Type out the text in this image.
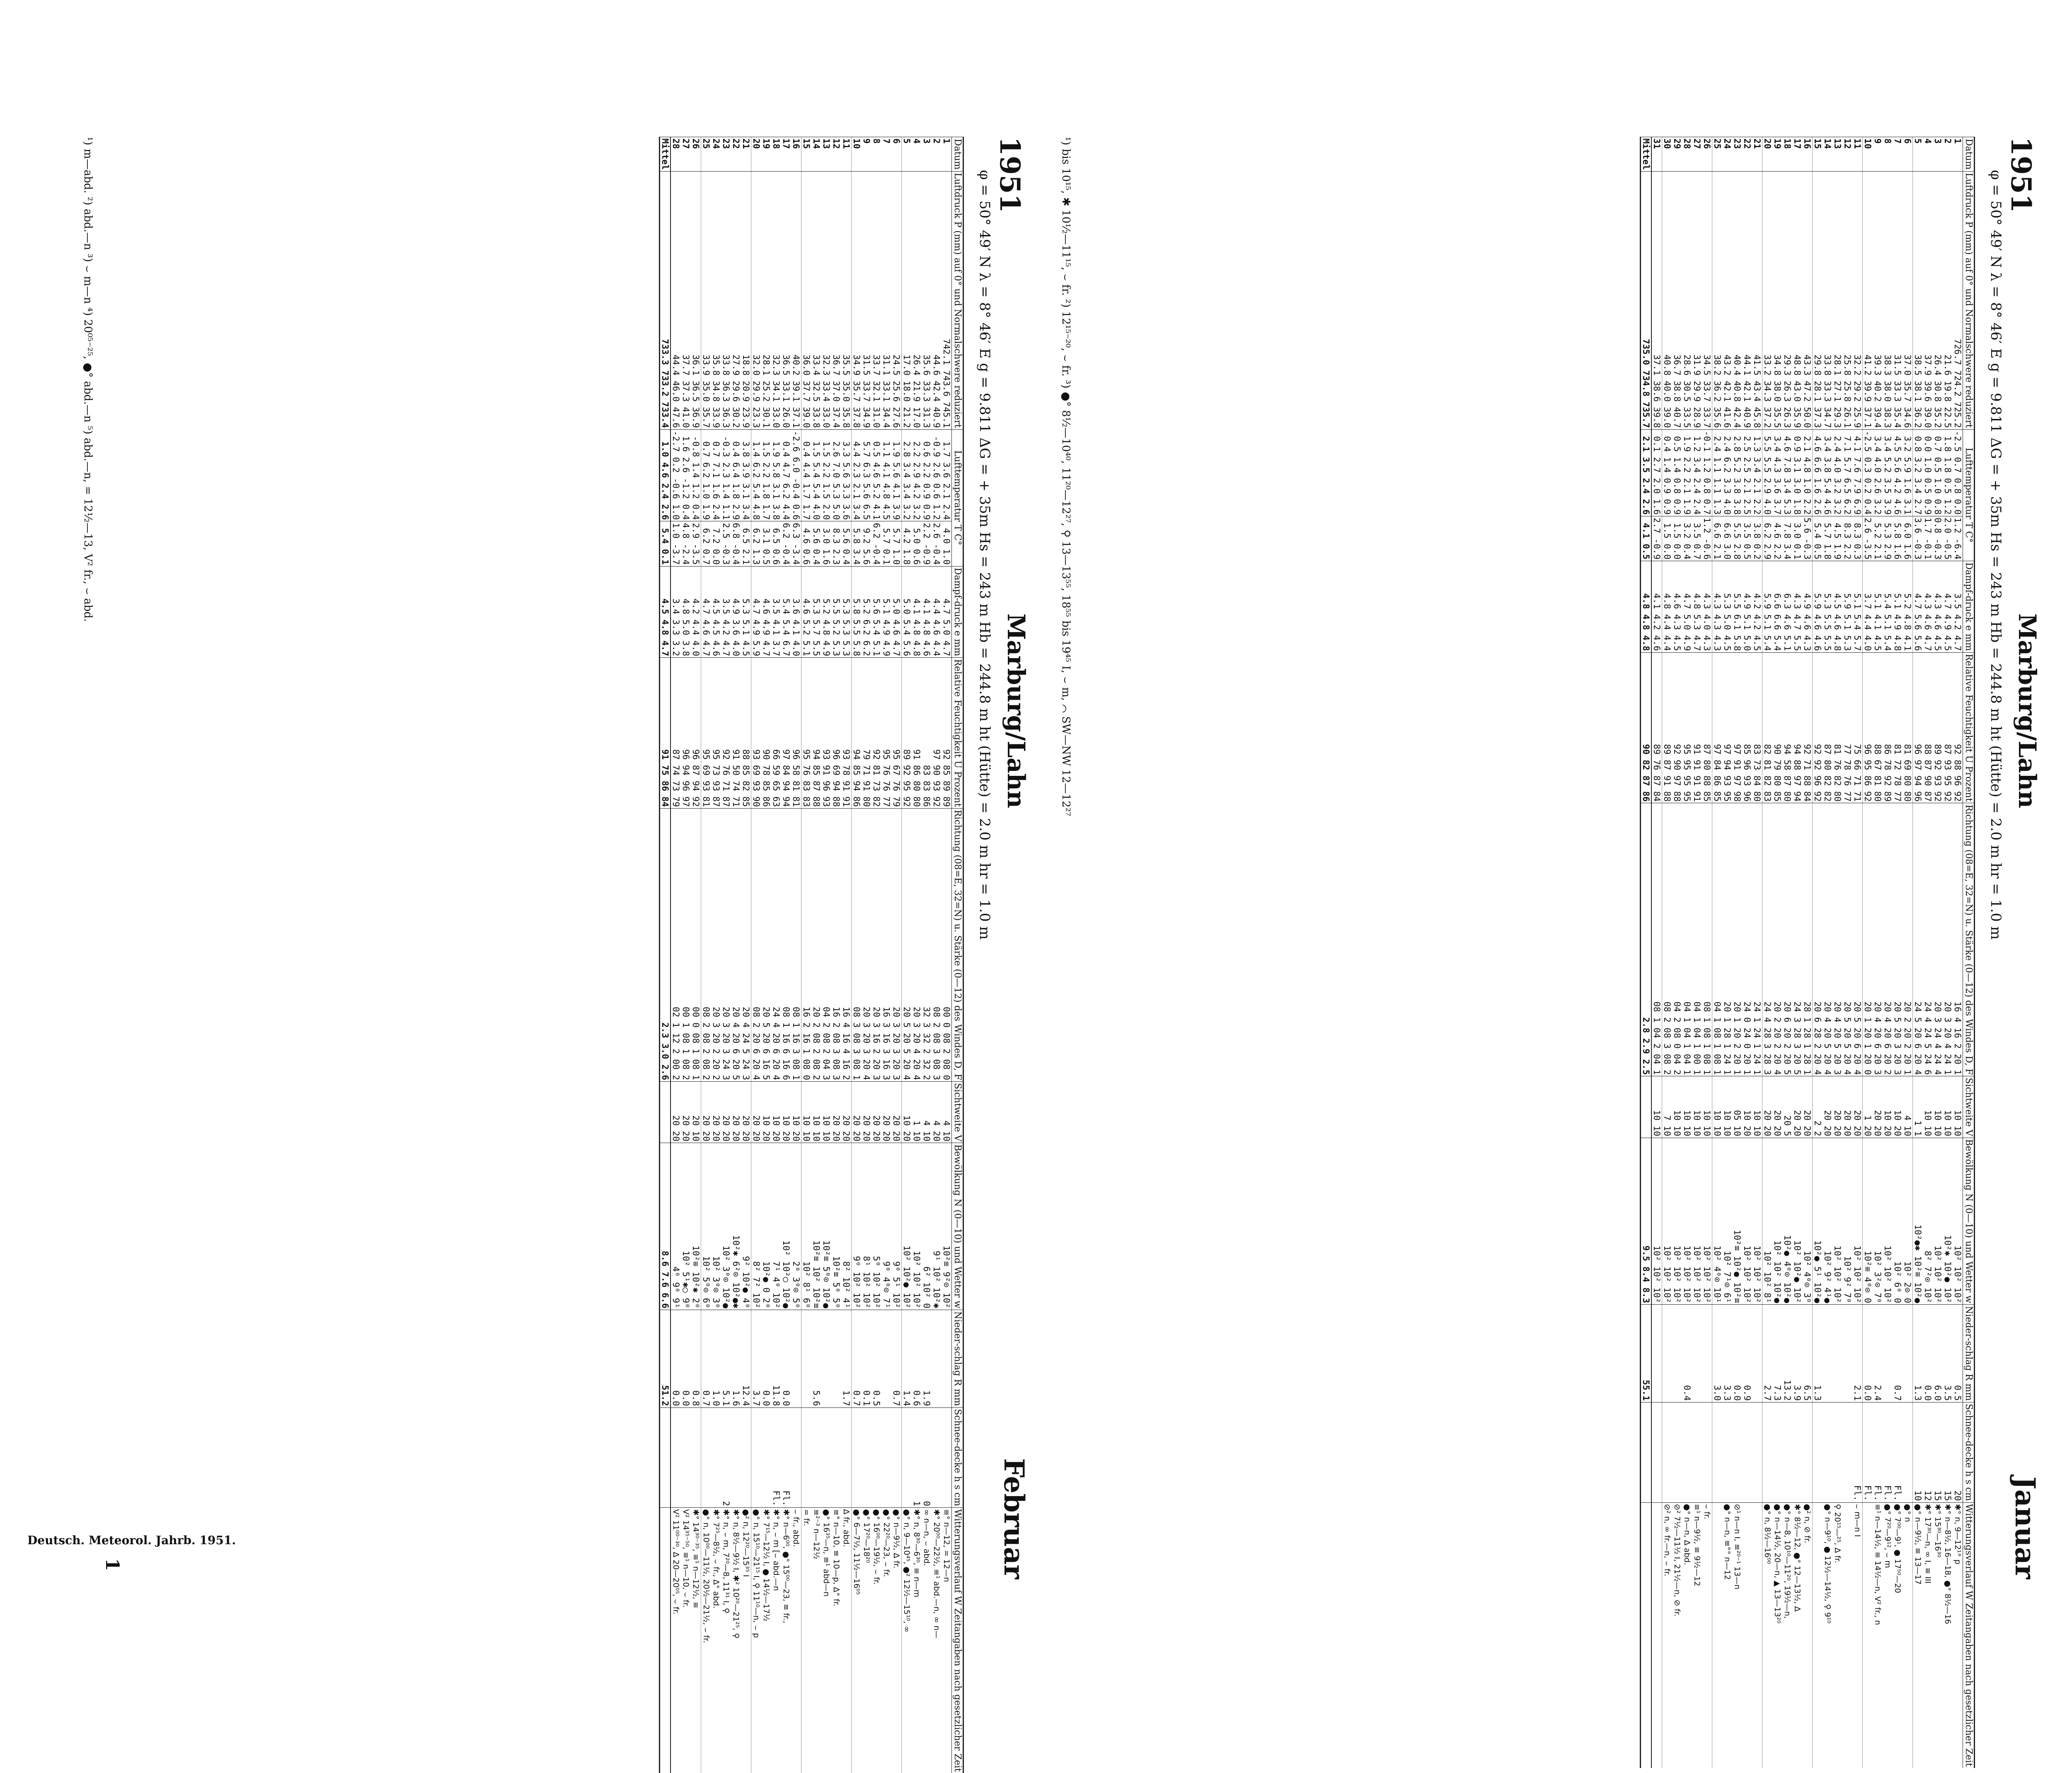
1951
Marburg/Lahn
Januar
φ = 50° 49′ N λ = 8° 46′ E g = 9.811 ΔG = + 35m Hs = 243 m Hb = 244.8 m ht (Hütte) = 2.0 m hr = 1.0 m
Datum	Luftdruck P (mm) auf 0° und Normalschwere reduziert	Lufttemperatur T C°		Dampf-druck e mm	Relative Feuchtigkeit U Prozent	Richtung (08=E, 32=N) u. Stärke (0—12) des Windes D, F	Sichtweite V	Bewölkung N (0—10) und Wetter w	Nieder-schlag R mm	Schnee-decke h s cm	Witterungsverlauf W Zeitangaben nach gesetzlicher Zeit
1	726.7 724.2 725.2	-2.5 0.7 0.8 0.0	1.2 -6.4	3.5 4.2 4.7	92 88 96 92	16 4 16 2 20 1	10 10	10² 10² 10²	0.5	20	✱° n, 9—12¹° p
2	21.6 19.8 22.5	1.8 1.8 0.5 1.2	2.0 -0.5	4.7 4.9 4.5	87 93 95 92	20 3 20 4 24 1	10 10	10²✱ 10²● 10²	3.5	15	✱° n—8½, 16—18, ●° 8½—16
3	26.4 30.8 35.2	0.7 0.5 1.0 0.8	0.8 -0.3	4.3 4.6 4.5	89 92 93 92	20 3 24 4 24 4	10 10	10² 10² 10²	6.0	15	✱° 15³⁰—16³⁰
4	37.9 39.6 39.0	0.0 1.0 0.5 0.9	1.7 -0.1	4.3 4.6 4.7	88 87 90 87	24 4 24 5 24 6	10 10	8² 7²⊙ 10²	0.0	12	✱° 17³⁰—n, ∞ I, ≡ III
5	38.5 38.1 36.2	0.8 3.2 3.4 2.7	3.6 -0.3	4.7 5.6 5.6	96 97 94 96	24 5 20 6 20 4	1 1	10²●✱ 10²≡ 10²●	1.3	10	●° n—9½, ≡ 13—17
6	37.0 35.7 34.6	3.2 5.9 1.6 3.1	6.0 1.6	5.2 4.8 4.1	81 69 80 80	20 2 20 2 20 1	4 10	10² 2⊙ 0			●° n
7	31.5 33.3 35.4	4.5 5.6 4.2 4.6	5.8 1.6	5.1 4.9 4.8	81 72 78 77	20 5 20 3 20 3	10 20	10² 6⁰ 0	0.7	Fl.	●° 7⁰⁰—9¹, ● 17⁵⁰—20
8	38.3 38.0 38.3	3.4 5.2 3.5 3.9	5.3 2.9	5.4 5.1 5.4	86 78 92 89	20 4 20 6 20 2	10 20	10² 10² 10²		Fl.	●° 7²⁰—9¹², ⌣ m
9	39.3 40.2 39.4	3.4 4.0 2.6 3.2	5.2 2.1	5.1 4.1 4.5	88 67 81 80	20 4 20 6 20 3	20 20	10² 3²⊙ 7⁰	2.4	Fl.	≡¹ n—14½, ≡ 14½—n, V² fr., n
10	41.2 39.9 37.1	-2.5 0.3 0.2 0.4	2.6 -3.5	3.7 4.4 4.0	96 95 86 92	20 1 20 1 20 0	1 20	10²≡ 4⁰⊙ 0	0.0	Fl.	
11	32.2 29.2 25.9	4.1 7.6 7.9 6.9	8.3 0.3	5.1 5.4 5.7	75 66 71 71	20 5 20 6 20 4	20 20	10² 10² 10²	2.1	Fl.	⌣ m—n I
12	25.8 25.8 26.1	7.1 5.7 6.5 6.2	8.3 2.2	5.9 5.1 5.3	77 78 76 77	20 5 20 5 20 4	20 20	10² 9² 7⁰			
13	28.1 27.1 29.3	2.4 4.0 3.2 3.2	4.5 1.9	4.5 4.6 4.8	81 76 82 80	20 4 20 5 20 3	20 20	10² 10² 10²			⚲ 20¹⁵—²⁵, ∆ fr.
14	33.8 33.3 34.7	3.4 3.8 5.4 4.6	5.7 1.8	5.3 5.5 5.5	87 80 82 82	20 4 20 5 20 4	20 20	10² 9² 4¹●			●° n—9¹⁰, ● 12½—14½, ⚲ 9¹⁰
15	29.8 28.1 37.3	4.6 6.6 1.6 2.6	5.4 0.5	5.9 4.6 4.6	92 92 96 92	20 6 28 2 20 4	2 2	10²● 5¹ 10²●	1.3		
16	43.3 47.2 50.0	2.1 4.8 1.0 2.2	5.6 -0.3	4.9 4.6 4.3	92 71 88 84	28 1 28 1 28 1	20 20	10² 4⁰⊙ 3⁰	6.5		●² n, ⊘ fr.
17	48.8 43.0 35.9	0.9 3.1 3.0 1.8	3.0 0.1	4.3 4.7 5.5	94 88 97 94	24 3 28 3 20 5	20 20	10² 10²● 10²	3.9		✱° 8½—12, ●° 12—13½, ∆
18	29.3 26.3 26.3	4.6 7.8 3.4 5.3	7.8 3.4	6.3 4.6 5.1	94 58 87 80	20 6 20 2 20 5	20 5	10²● 4⁰⊙ 10²●	13.2		●° n—8, 10¹⁰—11²⁰, 19½—n,
19	34.8 38.0 35.5	3.4 4.3 3.6 3.7	4.6 2.2	6.6 6.6 5.4	90 79 80 85	20 2 20 2 20 4	20 20	10² 10² 10²●	7.3		●° n—14½, 20—n, ▲ 13—13²⁰
20	33.2 34.3 37.2	5.5 5.5 2.9 4.0	6.2 2.9	5.9 5.1 5.4	82 81 82 83	24 4 28 3 28 3	20 20	10² 10² 8¹	2.7		●° n, 8½—16⁰⁰
21	41.5 43.4 45.8	1.3 3.4 2.1 2.2	3.8 0.2	4.2 4.2 4.5	83 73 84 80	24 1 24 1 24 1	10 10	10² 10² 10²			
22	44.1 42.1 40.9	2.5 2.5 2.1 2.5	3.5 0.5	4.9 5.1 5.0	85 96 93 96	24 0 24 0 20 1	10 20	10² 10² 10²	0.9		
23	40.4 40.8 42.4	2.8 5.2 3.8 3.8	5.5 2.8	5.5 6.1 5.8	97 91 97 98	20 1 20 2 20 1	05 10	10²≡ 10²● 10²≡	0.0		⊘¹ n—n I, ≡²⁰⁻¹ 13—n
24	43.2 42.1 41.6	2.4 6.2 3.3 4.0	6.6 3.0	5.3 5.0 4.5	97 94 93 95	20 1 28 1 24 1	10 10	10² 7¹⊙ 6¹	3.3		●° n—n, ≡°° n—12
25	38.2 36.2 35.6	2.4 1.1 1.1 1.3	6.6 2.1	4.3 4.3 4.3	97 84 86 85	04 1 08 1 08 1	10 10	10² 4⁰⊙ 10¹	3.0		
26	34.5 33.7 33.7	-0.1 1.2 0.8 0.7	1.2 -0.6	4.3 4.0 4.3	87 80 88 85	08 1 08 1 08 1	10 10	10² 10² 10²			⌣ fr.
27	31.9 29.9 28.9	1.2 3.4 2.4 2.4	3.5 0.7	4.8 5.3 4.7	91 91 91 91	04 1 04 1 00 1	10 10	10² 10² 10²			≡¹ n—9½, ≡ 9½—12
28	28.6 30.5 33.5	1.9 2.2 2.1 1.9	3.2 0.4	4.7 5.0 4.9	95 95 95 95	04 1 04 1 04 1	10 10	10² 10² 10²	0.4		●° n—n, ∆ abd.
29	36.7 38.8 40.7	0.5 1.4 0.8 0.9	1.5 0.0	4.6 4.3 4.5	92 90 97 88	04 2 08 0 04 2	10 10	10² 10² 10²			⊘² 7½—11½ I, 21½—n, ⊘ fr.
30	40.8 40.0 39.0	0.4 1.4 0.9 0.9	1.5 0.0	4.8 4.4 4.4	89 87 91 88	08 2 08 3 08 2	7 10	10² 10² 10²			⊘² n, ∞ fr.—n, ⌣ fr.
31	37.1 38.6 39.8	0.1 2.7 2.0 1.6	2.7 -0.9	4.1 4.2 4.6	89 76 87 84	08 1 04 2 04 1	10 10	10² 10² 10²			
Mittel	735.0 734.8 735.7	2.1 3.5 2.4 2.6	4.1 0.5	4.8 4.8 4.8	90 82 87 86	2.8 2.9 2.5		9.5 8.4 8.3	55.1		
¹) bis 10¹⁵, ✱ 10½—11¹⁵, ⌣ fr. ²) 12¹⁵⁻²⁰, ⌣ fr. ³) ●° 8½—10⁴⁰, 11²⁰—12²⁷, ⚲ 13—13⁵⁵, 18⁵⁵ bis 19⁴⁵ I, ⌣ m, ⌒ SW—NW 12—12²⁷
1951
Marburg/Lahn
Februar
φ = 50° 49′ N λ = 8° 46′ E g = 9.811 ΔG = + 35m Hs = 243 m Hb = 244.8 m ht (Hütte) = 2.0 m hr = 1.0 m
Datum	Luftdruck P (mm) auf 0° und Normalschwere reduziert	Lufttemperatur T C°		Dampf-druck e mm	Relative Feuchtigkeit U Prozent	Richtung (08=E, 32=N) u. Stärke (0—12) des Windes D, F	Sichtweite V	Bewölkung N (0—10) und Wetter w	Nieder-schlag R mm	Schnee-decke h s cm	Witterungsverlauf W Zeitangaben nach gesetzlicher Zeit
1	742.1 743.6 745.1	1.7 3.6 2.1 2.4	4.0 1.0	4.7 5.0 4.7	92 85 89 89	00 0 08 2 08 0	4 10	10²≡ 9²⊙ 10²			≡° n—12, = 12—n
2	44.6 42.4 40.9	-0.9 2.6 0.6 1.2	2.6 -0.4	4.4 4.6 4.4	97 90 93 92	08 2 08 3 08 3	4 20	9¹ 10² 10²✱			✱° 20⁰⁰—22½, ≡¹ abd.—n, ∞ n—
3	35.6 33.3 31.3	0.6 2.2 0.9 0.9	2.2 -0.9	4.1 4.8 4.6	83 83 86	32 3 32 2 32 2	4 10	6² 10² 0	1.9	0	∞ n—n, ⌣ abd.
4	26.4 21.9 17.0	2.2 2.9 4.2 3.2	5.0 0.6	4.1 4.8 4.8	91 86 80 80	20 3 20 4 20 4	1 10	10² 10² 10²	0.6	1	✱° n, 8³⁰—6³⁰, ≡ n—m
5	17.0 18.0 21.2	2.8 3.4 3.4 3.2	4.2 1.8	5.0 5.4 5.6	89 92 95 92	20 5 20 5 20 4	10 20	10² 10²● 10²	1.4		●° n, 9—10⁴⁵, ●² 12½—15¹⁰, ∞
6	24.5 25.6 27.6	1.9 5.6 4.1 3.9	5.7 1.0	5.0 4.6 4.7	95 67 76 79	20 3 20 3 20 3	20 20	9⁰ 5¹ 10²	0.7		●° n—9½, ∆ fr.
7	31.1 33.1 34.4	1.1 4.1 4.8 4.5	5.7 0.1	5.1 4.9 4.9	95 76 76 77	16 3 16 3 16 3	20 20	9⁰ 4⁰⊙ 7¹			●° 22²⁰—23, ⌣ fr.
8	33.7 32.1 31.0	0.5 4.6 5.2 4.1	6.2 -0.4	5.6 5.4 5.1	92 81 73 82	20 3 16 2 20 3	20 20	5⁰ 10² 10²	0.5		●° 16⁰⁰—19½, ⌣ fr.
9	31.5 33.7 34.9	5.7 6.3 5.6 6.5	9.2 5.6	5.2 6.2 6.2	79 71 91 80	20 3 20 3 20 4	20 20	8¹ 10² 10²	0.1		●° 17²⁰—18²⁰
10	34.9 35.7 37.8	4.4 2.3 2.1 3.4	5.8 3.4	5.8 5.5 5.8	94 85 94 86	08 3 08 3 08 1	20 20	9⁰ 10² 10²	0.7		●° 6—7½, 11½—16⁰⁵
11	35.5 35.0 35.8	3.3 5.6 3.3 3.6	5.6 0.4	5.3 5.3 5.3	93 78 91 91	16 4 16 4 16 2	20 20	8² 10² 4¹	1.7		∆ fr., abd.
12	36.7 37.0 37.4	2.6 7.0 5.3 5.0	8.3 2.3	5.5 5.2 5.3	96 69 94 88	16 2 08 3 08 3	20 20	10²≡ 5⁰ 5⁰			≡° n—10, ≡ 10—p, ∆° fr.
13	32.3 33.4 33.0	1.5 2.2 1.5 2.0	3.0 1.6	5.2 4.8 4.9	93 91 96 93	04 2 08 2 04 3	10 10	10²≡ 5⁰⊙ 10²●			●° 16³⁵—n, ≡¹ abd—n
14	33.4 32.5 33.8	1.5 5.4 5.4 4.0	5.6 0.4	5.3 5.7 5.5	94 85 87 88	20 2 08 2 08 2	10 10	10²≡ 10² 10²≡	5.6		≡²⁻³ n—12½
15	36.0 37.7 39.0	0.4 4.4 1.7 1.7	4.6 0.6	4.6 5.2 5.1	95 76 83 83	16 2 16 1 08 0	10 10	10² 8¹ 6⁰			= fr.
16	40.2 39.1 37.1	-2.6 6.0 -0.4 0.6	6.3 -3.4	3.6 4.1 4.0	96 58 81 81	08 1 16 3 08 1	10 20	2⁰ 3⁰⊙ 5⁰			⌣ fr., abd.
17	36.5 33.1 26.0	0.4 4.7 6.2 4.4	6.2 -0.4	5.4 5.4 6.7	97 84 94 94	08 1 16 6 16 6	10 20	10² 10²○ 10²●	0.0	Fl.	✱° n—6⁰⁰, ●° 15⁰⁰—23, ≡ fr.,
18	32.3 34.1 33.0	1.9 5.8 3.1 3.8	6.5 0.6	3.5 4.1 3.7	66 59 65 63	24 4 20 6 20 4	10 20	7¹ 4⁰ 10²	11.8	Fl.	✱° n, ⌣ m [⌣ abd.—n
19	28.1 25.2 30.1	1.5 2.2 1.8 1.7	3.1 0.5	4.6 4.9 4.7	90 78 85 86	20 5 20 6 16 5	10 20	10²● 0 2⁰	0.0		✱° 7¹⁵—12½ I, ● 14½—17½
20	32.0 29.9 23.3	1.4 6.2 5.4 4.8	6.2 1.3	4.7 4.9 5.9	93 69 93 90	08 2 20 6 20 4	20 20	8² 7² 10²	3.7		●° n, 15¹⁰—21¹⁵ I, ⚲ 11¹⁰—n, ⌣ p
21	18.8 20.9 23.9	3.8 3.9 3.1 3.4	6.5 2.1	5.3 5.1 4.5	88 85 82 85	20 4 24 5 24 3	20 20	9² 10²● 4⁰	12.4		●² n, 12²⁰—15³⁵ I
22	27.9 29.6 30.2	0.4 6.4 1.8 2.9	6.8 -0.4	4.9 3.6 4.0	91 50 74 71	20 4 20 6 20 5	20 20	10²✱ 6²⊙ 10²●✱	1.6		✱° n, 8½—9½ I, ✱² 10²⁰—21²⁵, ⚲
23	33.8 36.3 36.3	-0.3 2.3 1.4 1.1	2.5 -0.3	3.5 4.2 4.7	92 76 71 87	20 3 20 3 24 3	20 20	10² 3⁰⊙ 10²●	5.1	2	✱° n, ⌣ m, 7²⁰—8, 11³¹ I, ⚲
24	35.8 34.8 33.9	0.7 7.1 1.6 2.4	7.2 0.0	4.5 4.5 4.6	95 73 93 87	20 3 20 2 20 2	20 20	10² 3⁰⊙ 3⁰	1.0		✱° 7²⁵—8½, ⌣ fr., ∆° abd.
25	33.9 35.0 35.7	0.7 6.2 1.0 1.9	6.2 0.7	4.7 4.6 4.7	95 69 93 81	08 2 08 2 08 2	20 20	10² 5⁰⊙ 6⁰	0.7		●° n, 10⁰⁰—11½, 20½—21½, ⌣ fr.
26	36.1 36.5 36.9	-0.8 1.4 1.2 0.4	2.9 -3.5	4.2 4.4 4.0	96 87 94 92	00 0 08 1 08 1	20 10	10²≡ 10²✱ 2⁰	0.8		✱° 14³⁰⁻³⁵, ≡¹ n—12½, ≡
27	37.7 37.3 41.0	1.6 2.6 -1.2 0.4	4.8 -2.4	4.8 5.0 3.8	96 94 96 97	00 1 08 1 08 2	20 20	10² 5¹✱○ 9⁰	0.0		V² 14³⁵⁻⁵⁰, ≡¹ n—10, ⌣ fr.
28	44.4 46.0 47.6	-2.7 0.2 -0.6 1.0	1.0 -3.7	3.4 3.3 3.2	87 74 73 79	02 1 12 2 00 2	20 20	4⁰ 9⁰ 9¹	0.0		V² 11⁰⁰⁻³⁰, ∆ 20—20⁰⁵, ⌣ fr.
Mittel	733.3 733.2 733.4	1.0 4.6 2.4 2.6	5.4 0.1	4.5 4.8 4.7	91 75 86 84	2.3 3.0 2.6		8.6 7.6 6.6	51.2		
¹) m—abd. ²) abd.—n ³) ⌣ m—n ⁴) 20⁰⁵⁻²⁵, ●° abd.—n ⁵) abd.—n, = 12½—13, V² fr., ⌣ abd.
Deutsch. Meteorol. Jahrb. 1951.
1
